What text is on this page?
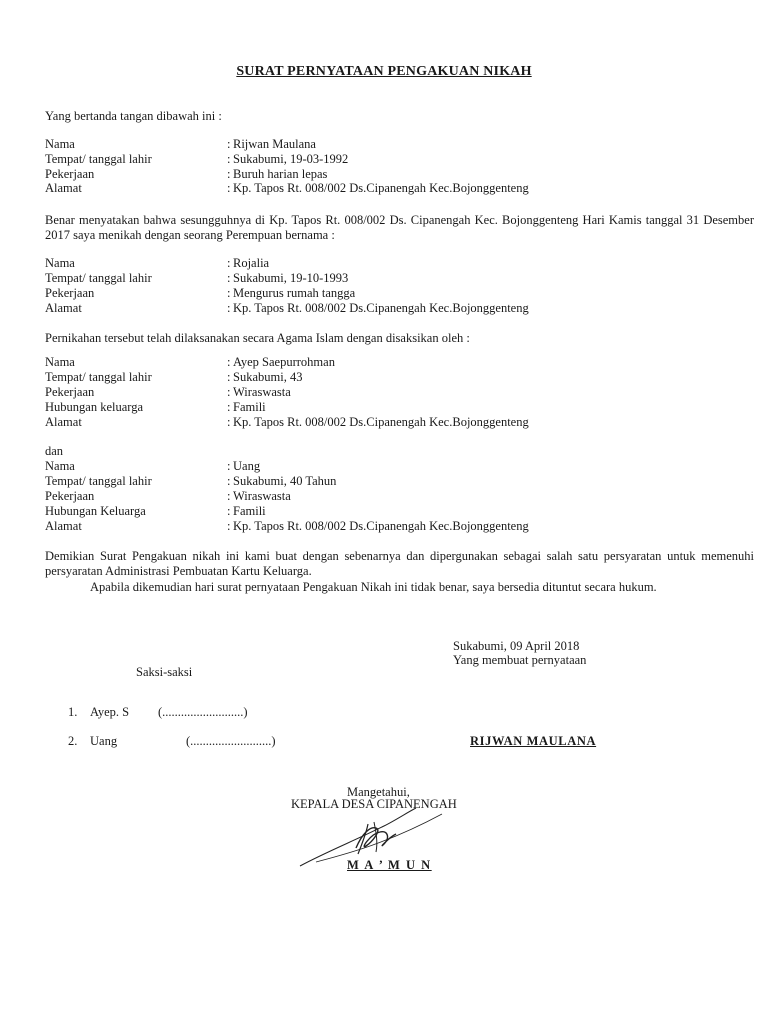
SURAT PERNYATAAN PENGAKUAN NIKAH
Yang bertanda tangan dibawah ini :
Nama	: Rijwan Maulana
Tempat/ tanggal lahir	: Sukabumi, 19-03-1992
Pekerjaan	: Buruh harian lepas
Alamat	: Kp. Tapos Rt. 008/002 Ds.Cipanengah Kec.Bojonggenteng
Benar menyatakan bahwa sesungguhnya di Kp. Tapos Rt. 008/002 Ds. Cipanengah Kec. Bojonggenteng Hari Kamis tanggal 31 Desember 2017 saya menikah dengan seorang Perempuan bernama :
Nama	: Rojalia
Tempat/ tanggal lahir	: Sukabumi, 19-10-1993
Pekerjaan	: Mengurus rumah tangga
Alamat	: Kp. Tapos Rt. 008/002 Ds.Cipanengah Kec.Bojonggenteng
Pernikahan tersebut telah dilaksanakan secara Agama Islam dengan disaksikan oleh :
Nama	: Ayep Saepurrohman
Tempat/ tanggal lahir	: Sukabumi, 43
Pekerjaan	: Wiraswasta
Hubungan keluarga	: Famili
Alamat	: Kp. Tapos Rt. 008/002 Ds.Cipanengah Kec.Bojonggenteng
dan
Nama	: Uang
Tempat/ tanggal lahir	: Sukabumi, 40 Tahun
Pekerjaan	: Wiraswasta
Hubungan Keluarga	: Famili
Alamat	: Kp. Tapos Rt. 008/002 Ds.Cipanengah Kec.Bojonggenteng
Demikian Surat Pengakuan nikah ini kami buat dengan sebenarnya dan dipergunakan sebagai salah satu persyaratan untuk memenuhi persyaratan Administrasi Pembuatan Kartu Keluarga.
Apabila dikemudian hari surat pernyataan Pengakuan Nikah ini tidak benar, saya bersedia dituntut secara hukum.
Sukabumi, 09 April 2018
Yang membuat pernyataan
Saksi-saksi
1. Ayep. S (..........................)
2. Uang	(..........................)	RIJWAN MAULANA
Mangetahui,
KEPALA DESA CIPANENGAH
M A ’ M U N
